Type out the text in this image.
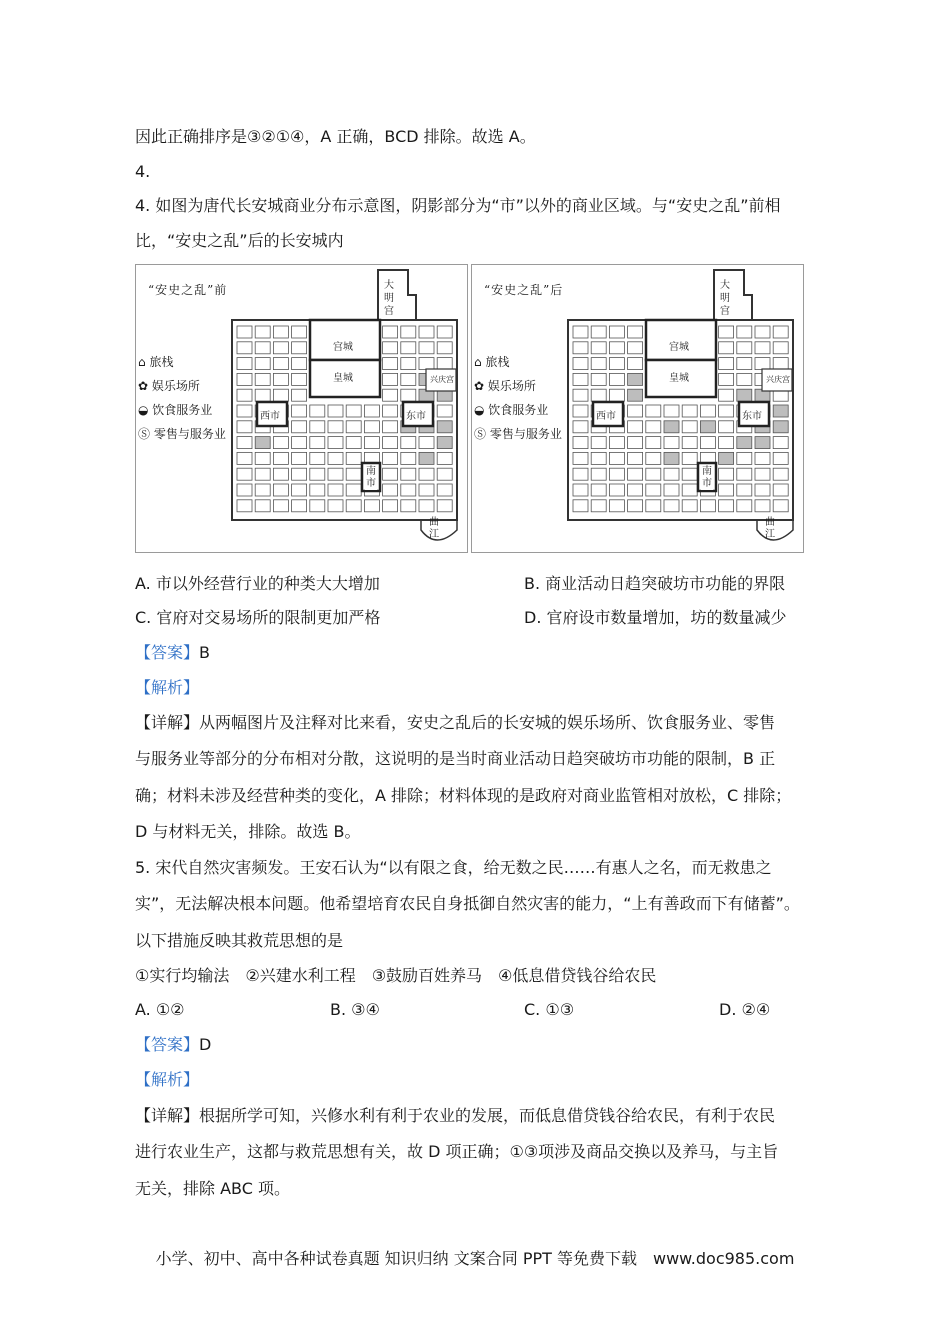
因此正确排序是③②①④，A 正确，BCD 排除。故选 A。
4.
4. 如图为唐代长安城商业分布示意图，阴影部分为“市”以外的商业区域。与“安史之乱”前相
比，“安史之乱”后的长安城内
“安史之乱”前
⌂ 旅栈
✿ 娱乐场所
◒ 饮食服务业
Ⓢ 零售与服务业
大明宫
宫城
皇城
西市	东市
南市
兴庆宫
曲江
“安史之乱”后
⌂ 旅栈
✿ 娱乐场所
◒ 饮食服务业
Ⓢ 零售与服务业
大明宫
宫城
皇城
西市	东市
南市
兴庆宫
曲江
A. 市以外经营行业的种类大大增加	B. 商业活动日趋突破坊市功能的界限
C. 官府对交易场所的限制更加严格	D. 官府设市数量增加，坊的数量减少
【答案】B
【解析】
【详解】从两幅图片及注释对比来看，安史之乱后的长安城的娱乐场所、饮食服务业、零售
与服务业等部分的分布相对分散，这说明的是当时商业活动日趋突破坊市功能的限制，B 正
确；材料未涉及经营种类的变化，A 排除；材料体现的是政府对商业监管相对放松，C 排除；
D 与材料无关，排除。故选 B。
5. 宋代自然灾害频发。王安石认为“以有限之食，给无数之民……有惠人之名，而无救患之
实”，无法解决根本问题。他希望培育农民自身抵御自然灾害的能力，“上有善政而下有储蓄”。
以下措施反映其救荒思想的是
①实行均输法　②兴建水利工程　③鼓励百姓养马　④低息借贷钱谷给农民
A. ①②	B. ③④	C. ①③	D. ②④
【答案】D
【解析】
【详解】根据所学可知，兴修水利有利于农业的发展，而低息借贷钱谷给农民，有利于农民
进行农业生产，这都与救荒思想有关，故 D 项正确；①③项涉及商品交换以及养马，与主旨
无关，排除 ABC 项。
小学、初中、高中各种试卷真题 知识归纳 文案合同 PPT 等免费下载　www.doc985.com
